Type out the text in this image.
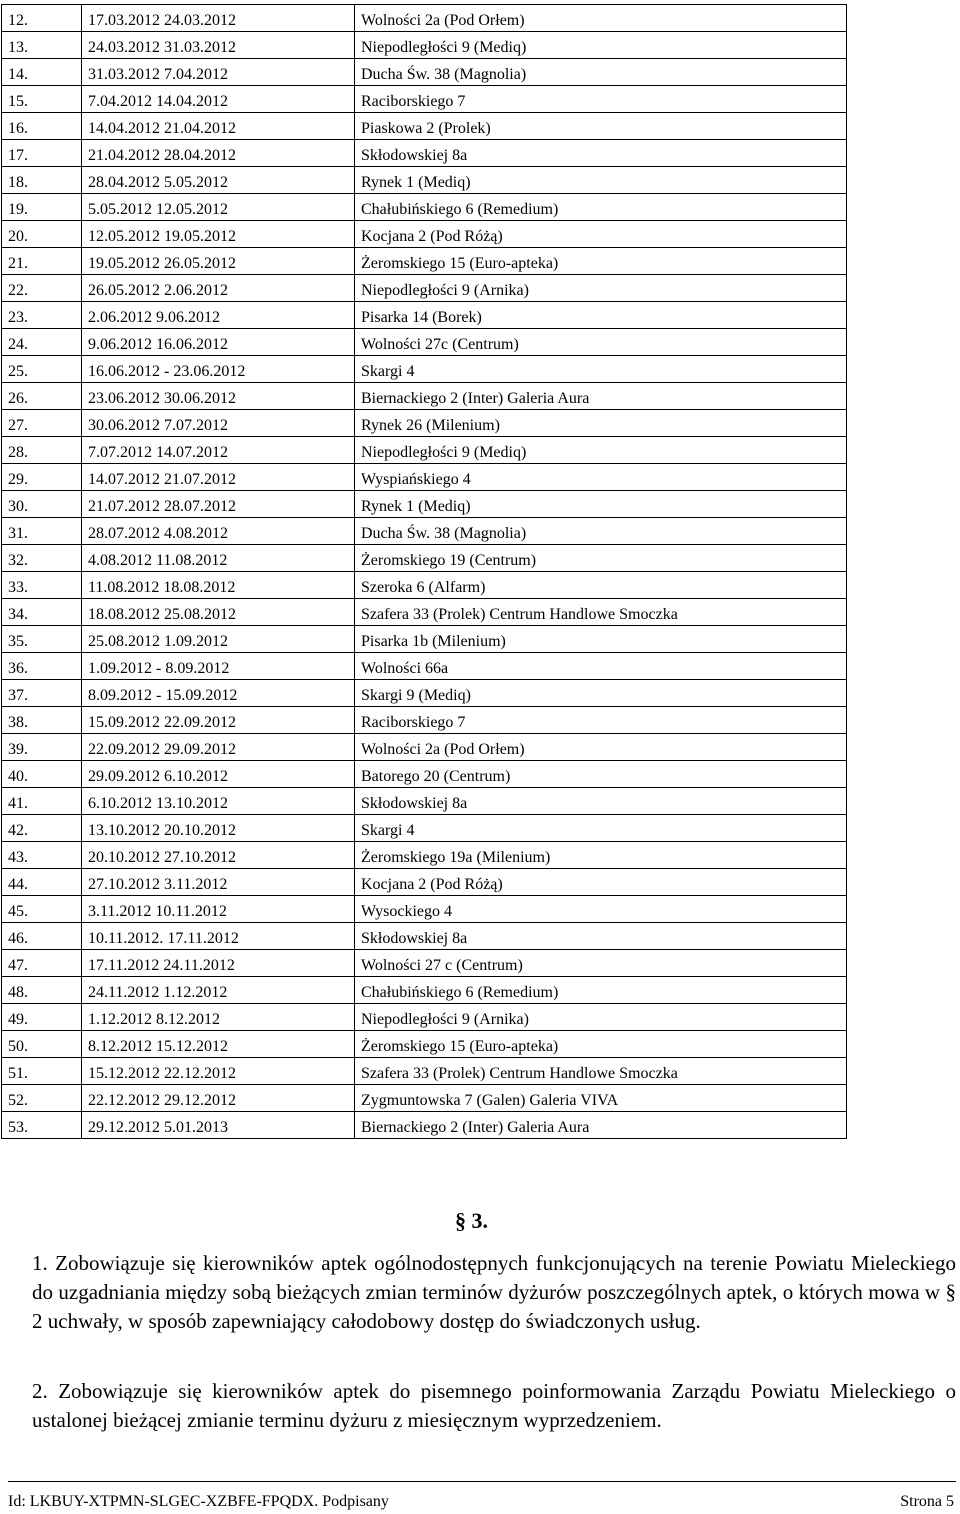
12.	17.03.2012 24.03.2012	Wolności 2a (Pod Orłem)
13.	24.03.2012 31.03.2012	Niepodległości 9 (Mediq)
14.	31.03.2012 7.04.2012	Ducha Św. 38 (Magnolia)
15.	7.04.2012 14.04.2012	Raciborskiego 7
16.	14.04.2012 21.04.2012	Piaskowa 2 (Prolek)
17.	21.04.2012 28.04.2012	Skłodowskiej 8a
18.	28.04.2012 5.05.2012	Rynek 1 (Mediq)
19.	5.05.2012 12.05.2012	Chałubińskiego 6 (Remedium)
20.	12.05.2012 19.05.2012	Kocjana 2 (Pod Różą)
21.	19.05.2012 26.05.2012	Żeromskiego 15 (Euro-apteka)
22.	26.05.2012 2.06.2012	Niepodległości 9 (Arnika)
23.	2.06.2012 9.06.2012	Pisarka 14 (Borek)
24.	9.06.2012 16.06.2012	Wolności 27c (Centrum)
25.	16.06.2012 - 23.06.2012	Skargi 4
26.	23.06.2012 30.06.2012	Biernackiego 2 (Inter) Galeria Aura
27.	30.06.2012 7.07.2012	Rynek 26 (Milenium)
28.	7.07.2012 14.07.2012	Niepodległości 9 (Mediq)
29.	14.07.2012 21.07.2012	Wyspiańskiego 4
30.	21.07.2012 28.07.2012	Rynek 1 (Mediq)
31.	28.07.2012 4.08.2012	Ducha Św. 38 (Magnolia)
32.	4.08.2012 11.08.2012	Żeromskiego 19 (Centrum)
33.	11.08.2012 18.08.2012	Szeroka 6 (Alfarm)
34.	18.08.2012 25.08.2012	Szafera 33 (Prolek) Centrum Handlowe Smoczka
35.	25.08.2012 1.09.2012	Pisarka 1b (Milenium)
36.	1.09.2012 - 8.09.2012	Wolności 66a
37.	8.09.2012 - 15.09.2012	Skargi 9 (Mediq)
38.	15.09.2012 22.09.2012	Raciborskiego 7
39.	22.09.2012 29.09.2012	Wolności 2a (Pod Orłem)
40.	29.09.2012 6.10.2012	Batorego 20 (Centrum)
41.	6.10.2012 13.10.2012	Skłodowskiej 8a
42.	13.10.2012 20.10.2012	Skargi 4
43.	20.10.2012 27.10.2012	Żeromskiego 19a (Milenium)
44.	27.10.2012 3.11.2012	Kocjana 2 (Pod Różą)
45.	3.11.2012 10.11.2012	Wysockiego 4
46.	10.11.2012. 17.11.2012	Skłodowskiej 8a
47.	17.11.2012 24.11.2012	Wolności 27 c (Centrum)
48.	24.11.2012 1.12.2012	Chałubińskiego 6 (Remedium)
49.	1.12.2012 8.12.2012	Niepodległości 9 (Arnika)
50.	8.12.2012 15.12.2012	Żeromskiego 15 (Euro-apteka)
51.	15.12.2012 22.12.2012	Szafera 33 (Prolek) Centrum Handlowe Smoczka
52.	22.12.2012 29.12.2012	Zygmuntowska 7 (Galen) Galeria VIVA
53.	29.12.2012 5.01.2013	Biernackiego 2 (Inter) Galeria Aura
§ 3.
1. Zobowiązuje się kierowników aptek ogólnodostępnych funkcjonujących na terenie Powiatu Mieleckiego do uzgadniania między sobą bieżących zmian terminów dyżurów poszczególnych aptek, o których mowa w § 2 uchwały, w sposób zapewniający całodobowy dostęp do świadczonych usług.
2. Zobowiązuje się kierowników aptek do pisemnego poinformowania Zarządu Powiatu Mieleckiego o ustalonej bieżącej zmianie terminu dyżuru z miesięcznym wyprzedzeniem.
Id: LKBUY-XTPMN-SLGEC-XZBFE-FPQDX. Podpisany	Strona 5
